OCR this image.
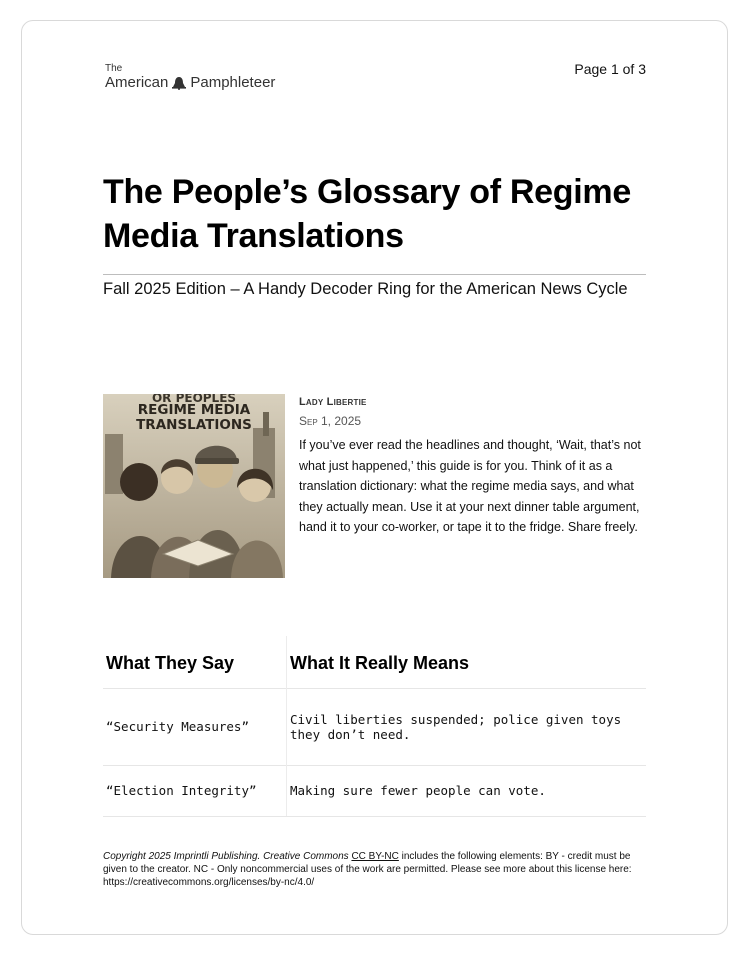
The
American Pamphleteer
Page 1 of 3
The People’s Glossary of Regime Media Translations
Fall 2025 Edition – A Handy Decoder Ring for the American News Cycle
OR PEOPLES
REGIME MEDIA
TRANSLATIONS
Lady Libertie
Sep 1, 2025

If you’ve ever read the headlines and thought, ‘Wait, that’s not what just happened,’ this guide is for you. Think of it as a translation dictionary: what the regime media says, and what they actually mean. Use it at your next dinner table argument, hand it to your co-worker, or tape it to the fridge. Share freely.

What They Say	What It Really Means
“Security Measures”	Civil liberties suspended; police given toys they don’t need.
“Election Integrity”	Making sure fewer people can vote.
Copyright 2025 Imprintli Publishing. Creative Commons CC BY-NC includes the following elements: BY - credit must be given to the creator. NC - Only noncommercial uses of the work are permitted. Please see more about this license here: https://creativecommons.org/licenses/by-nc/4.0/
